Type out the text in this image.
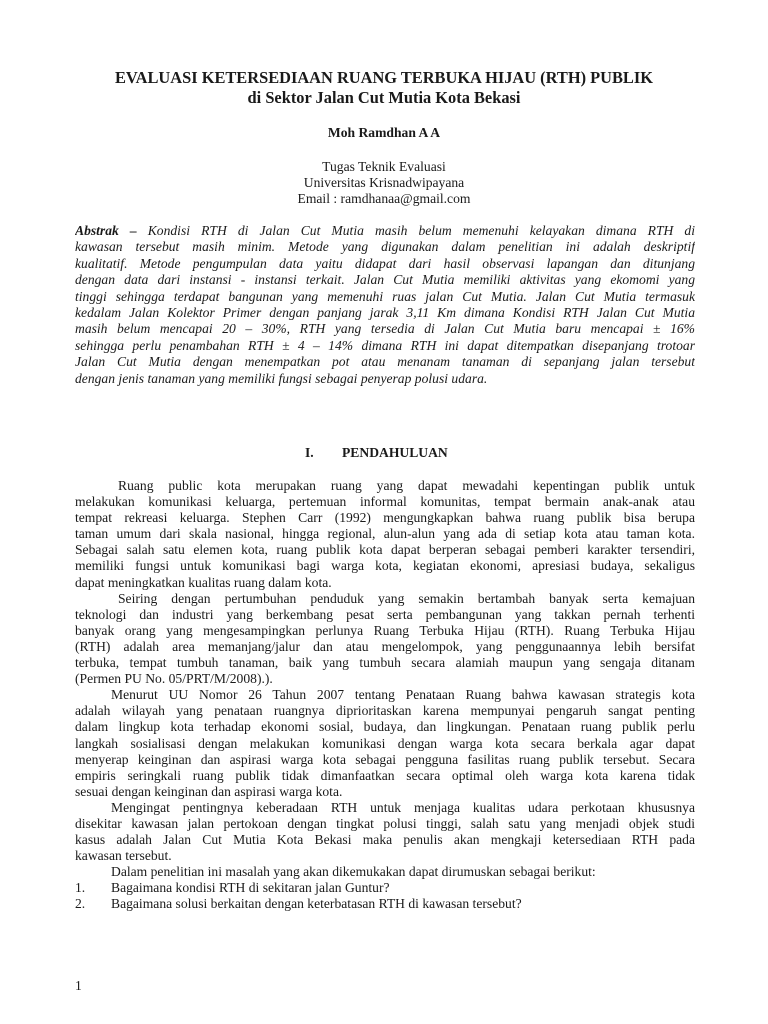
EVALUASI KETERSEDIAAN RUANG TERBUKA HIJAU (RTH) PUBLIK
di Sektor Jalan Cut Mutia Kota Bekasi
Moh Ramdhan A A
Tugas Teknik Evaluasi
Universitas Krisnadwipayana
Email : ramdhanaa@gmail.com
Abstrak – Kondisi RTH di Jalan Cut Mutia masih belum memenuhi kelayakan dimana RTH di
kawasan tersebut masih minim. Metode yang digunakan dalam penelitian ini adalah deskriptif
kualitatif. Metode pengumpulan data yaitu didapat dari hasil observasi lapangan dan ditunjang
dengan data dari instansi - instansi terkait. Jalan Cut Mutia memiliki aktivitas yang ekomomi yang
tinggi sehingga terdapat bangunan yang memenuhi ruas jalan Cut Mutia. Jalan Cut Mutia termasuk
kedalam Jalan Kolektor Primer dengan panjang jarak 3,11 Km dimana Kondisi RTH Jalan Cut Mutia
masih belum mencapai 20 – 30%, RTH yang tersedia di Jalan Cut Mutia baru mencapai ± 16%
sehingga perlu penambahan RTH ± 4 – 14% dimana RTH ini dapat ditempatkan disepanjang trotoar
Jalan Cut Mutia dengan menempatkan pot atau menanam tanaman di sepanjang jalan tersebut
dengan jenis tanaman yang memiliki fungsi sebagai penyerap polusi udara.
I. PENDAHULUAN
Ruang public kota merupakan ruang yang dapat mewadahi kepentingan publik untuk
melakukan komunikasi keluarga, pertemuan informal komunitas, tempat bermain anak-anak atau
tempat rekreasi keluarga. Stephen Carr (1992) mengungkapkan bahwa ruang publik bisa berupa
taman umum dari skala nasional, hingga regional, alun-alun yang ada di setiap kota atau taman kota.
Sebagai salah satu elemen kota, ruang publik kota dapat berperan sebagai pemberi karakter tersendiri,
memiliki fungsi untuk komunikasi bagi warga kota, kegiatan ekonomi, apresiasi budaya, sekaligus
dapat meningkatkan kualitas ruang dalam kota.
Seiring dengan pertumbuhan penduduk yang semakin bertambah banyak serta kemajuan
teknologi dan industri yang berkembang pesat serta pembangunan yang takkan pernah terhenti
banyak orang yang mengesampingkan perlunya Ruang Terbuka Hijau (RTH). Ruang Terbuka Hijau
(RTH) adalah area memanjang/jalur dan atau mengelompok, yang penggunaannya lebih bersifat
terbuka, tempat tumbuh tanaman, baik yang tumbuh secara alamiah maupun yang sengaja ditanam
(Permen PU No. 05/PRT/M/2008).).
Menurut UU Nomor 26 Tahun 2007 tentang Penataan Ruang bahwa kawasan strategis kota
adalah wilayah yang penataan ruangnya diprioritaskan karena mempunyai pengaruh sangat penting
dalam lingkup kota terhadap ekonomi sosial, budaya, dan lingkungan. Penataan ruang publik perlu
langkah sosialisasi dengan melakukan komunikasi dengan warga kota secara berkala agar dapat
menyerap keinginan dan aspirasi warga kota sebagai pengguna fasilitas ruang publik tersebut. Secara
empiris seringkali ruang publik tidak dimanfaatkan secara optimal oleh warga kota karena tidak
sesuai dengan keinginan dan aspirasi warga kota.
Mengingat pentingnya keberadaan RTH untuk menjaga kualitas udara perkotaan khususnya
disekitar kawasan jalan pertokoan dengan tingkat polusi tinggi, salah satu yang menjadi objek studi
kasus adalah Jalan Cut Mutia Kota Bekasi maka penulis akan mengkaji ketersediaan RTH pada
kawasan tersebut.
Dalam penelitian ini masalah yang akan dikemukakan dapat dirumuskan sebagai berikut:
1. Bagaimana kondisi RTH di sekitaran jalan Guntur?
2. Bagaimana solusi berkaitan dengan keterbatasan RTH di kawasan tersebut?
1
